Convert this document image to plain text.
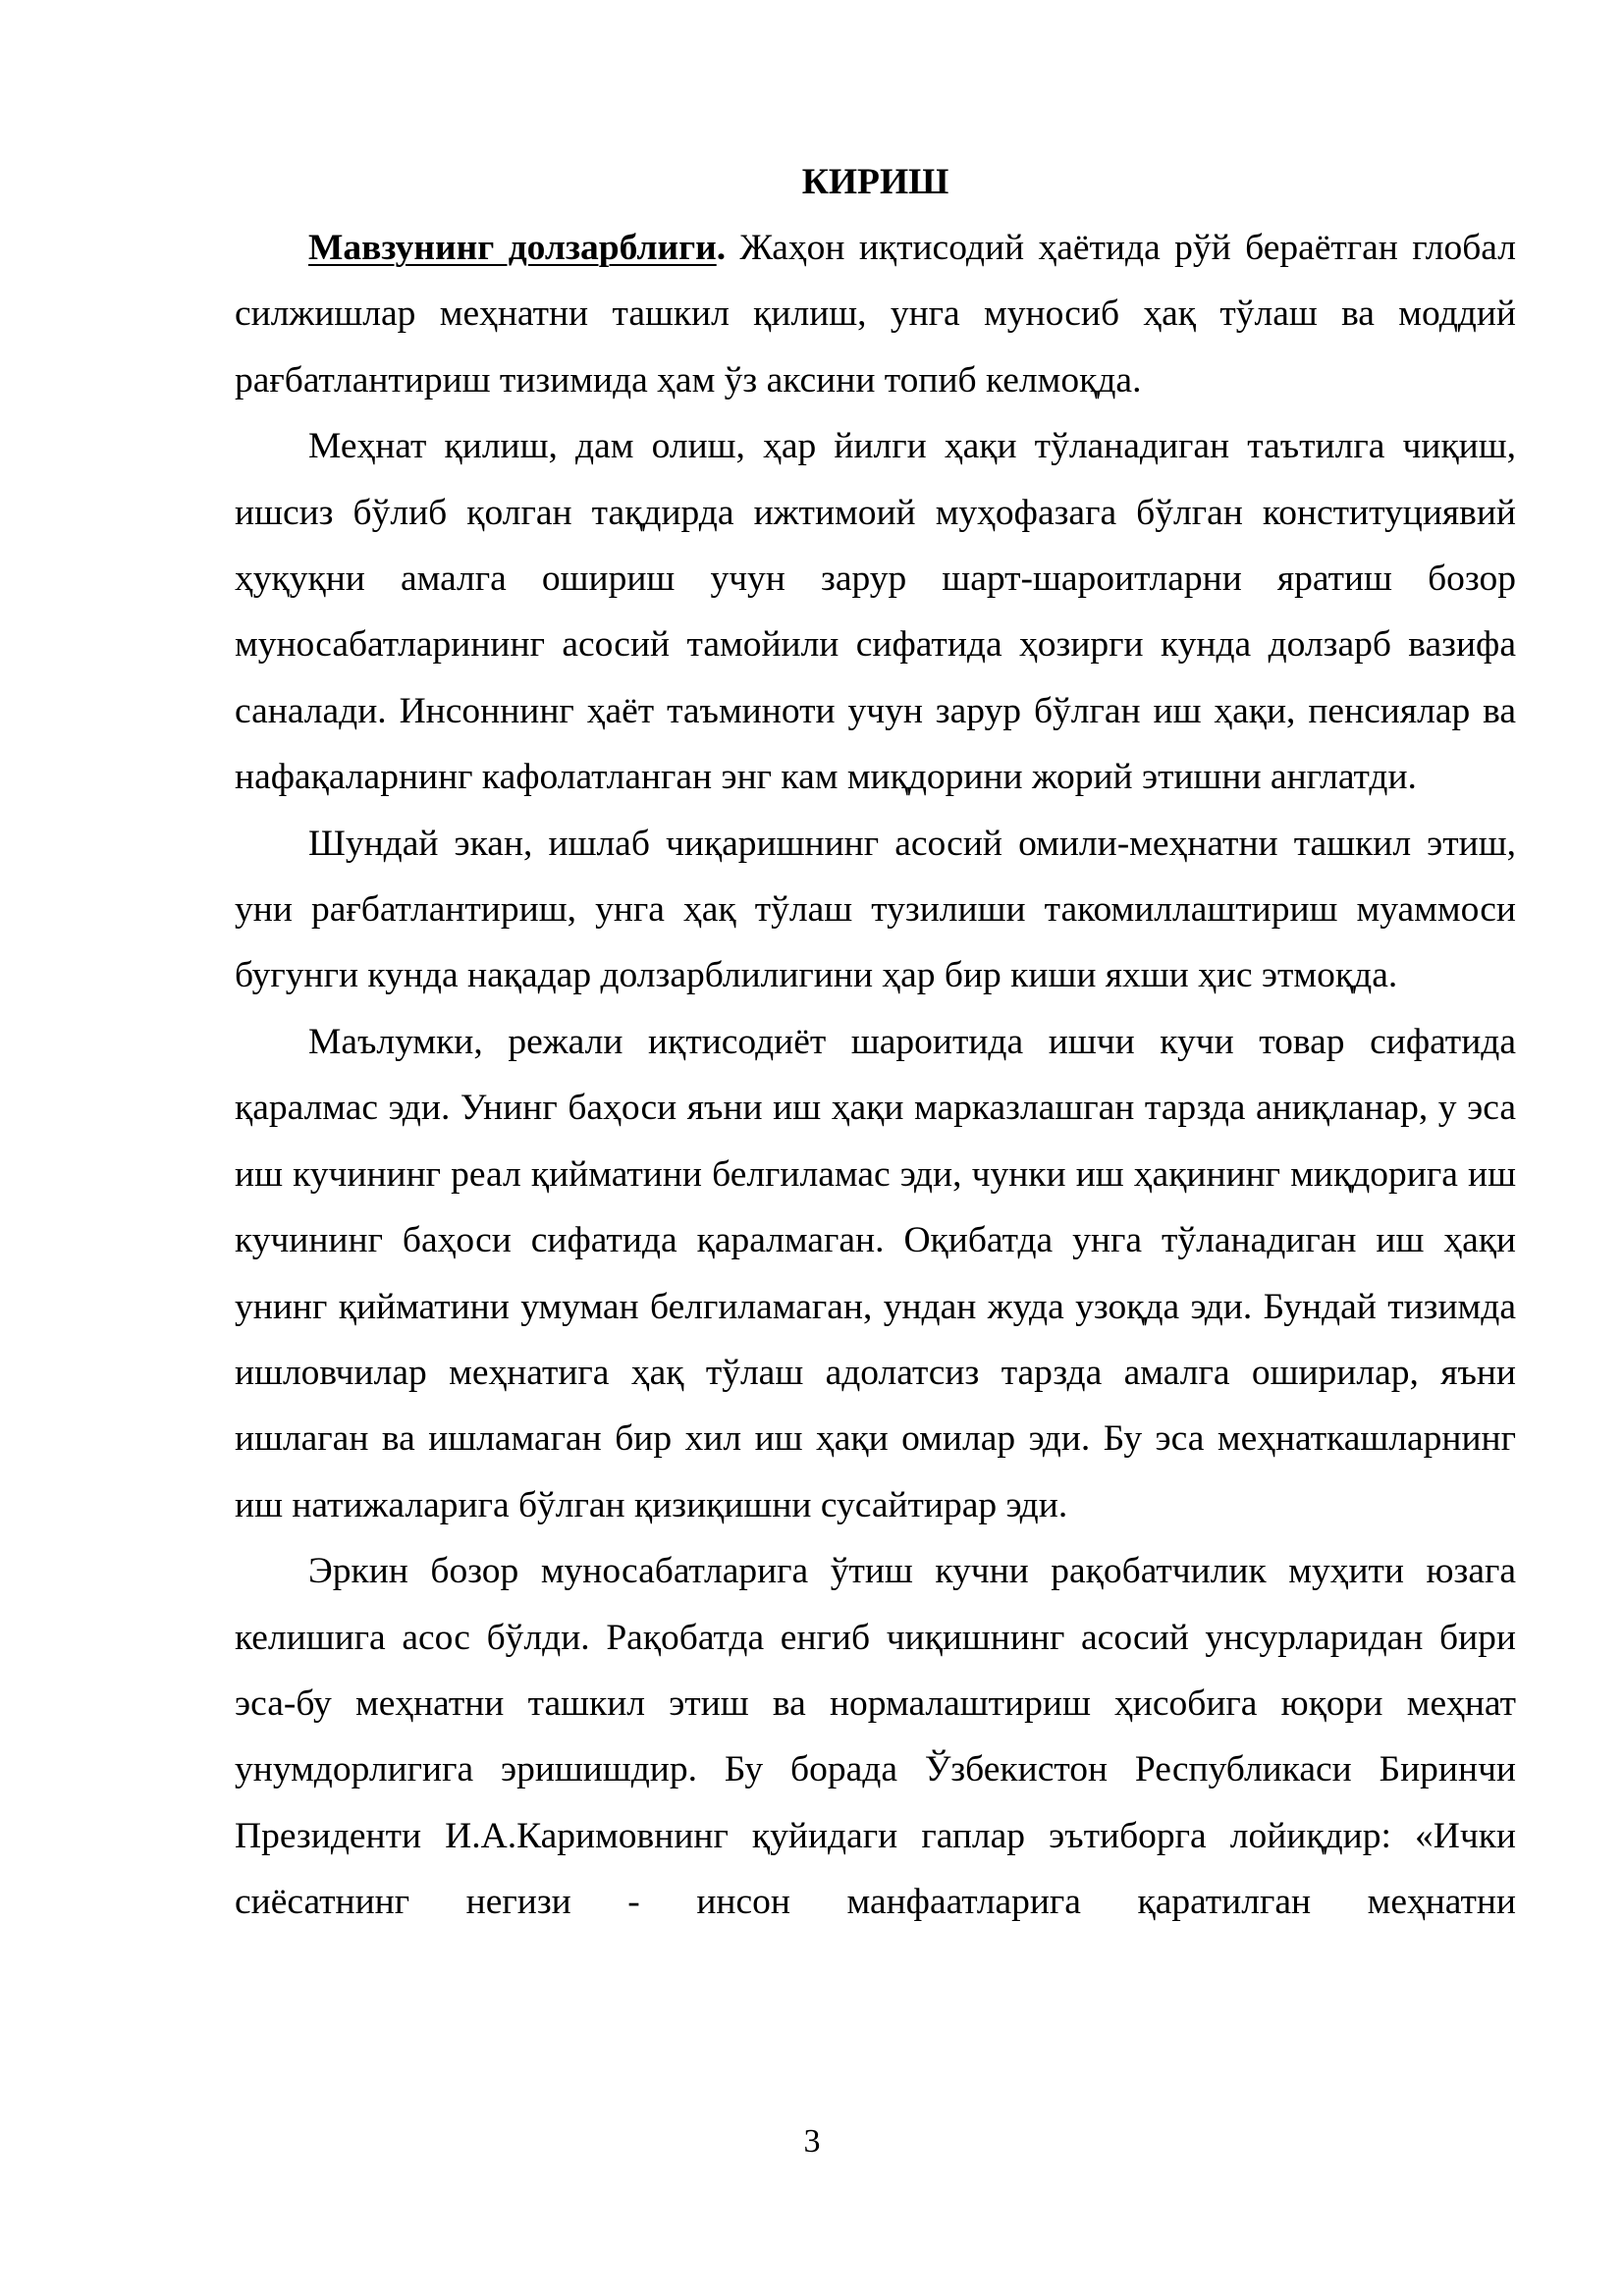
КИРИШ

Мавзунинг долзарблиги. Жаҳон иқтисодий ҳаётида рўй бераётган глобал силжишлар меҳнатни ташкил қилиш, унга муносиб ҳақ тўлаш ва моддий рағбатлантириш тизимида ҳам ўз аксини топиб келмоқда.

Меҳнат қилиш, дам олиш, ҳар йилги ҳақи тўланадиган таътилга чиқиш, ишсиз бўлиб қолган тақдирда ижтимоий муҳофазага бўлган конституциявий ҳуқуқни амалга ошириш учун зарур шарт-шароитларни яратиш бозор муносабатларининг асосий тамойили сифатида ҳозирги кунда долзарб вазифа саналади. Инсоннинг ҳаёт таъминоти учун зарур бўлган иш ҳақи, пенсиялар ва нафақаларнинг кафолатланган энг кам миқдорини жорий этишни англатди.

Шундай экан, ишлаб чиқаришнинг асосий омили-меҳнатни ташкил этиш, уни рағбатлантириш, унга ҳақ тўлаш тузилиши такомиллаштириш муаммоси бугунги кунда нақадар долзарблилигини ҳар бир киши яхши ҳис этмоқда.

Маълумки, режали иқтисодиёт шароитида ишчи кучи товар сифатида қаралмас эди. Унинг баҳоси яъни иш ҳақи марказлашган тарзда аниқланар, у эса иш кучининг реал қийматини белгиламас эди, чунки иш ҳақининг миқдорига иш кучининг баҳоси сифатида қаралмаган. Оқибатда унга тўланадиган иш ҳақи унинг қийматини умуман белгиламаган, ундан жуда узоқда эди. Бундай тизимда ишловчилар меҳнатига ҳақ тўлаш адолатсиз тарзда амалга оширилар, яъни ишлаган ва ишламаган бир хил иш ҳақи омилар эди. Бу эса меҳнаткашларнинг иш натижаларига бўлган қизиқишни сусайтирар эди.

Эркин бозор муносабатларига ўтиш кучни рақобатчилик муҳити юзага келишига асос бўлди. Рақобатда енгиб чиқишнинг асосий унсурларидан бири эса-бу меҳнатни ташкил этиш ва нормалаштириш ҳисобига юқори меҳнат унумдорлигига эришишдир. Бу борада Ўзбекистон Республикаси Биринчи Президенти И.А.Каримовнинг қуйидаги гаплар эътиборга лойиқдир: «Ички сиёсатнинг негизи - инсон манфаатларига қаратилган меҳнатни

3
